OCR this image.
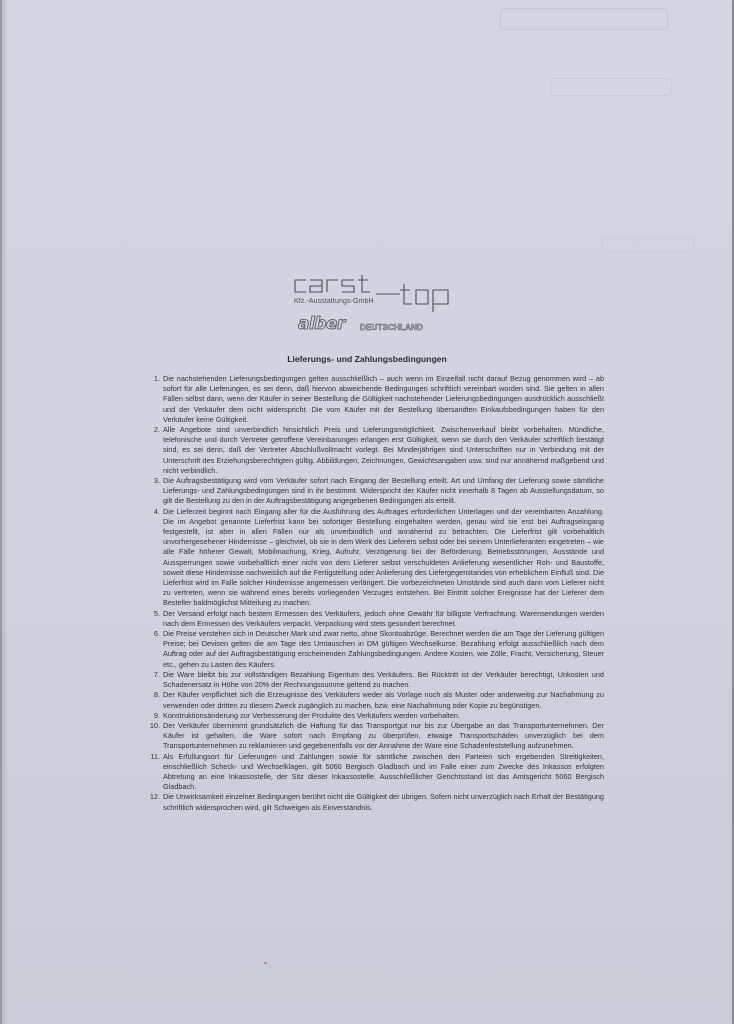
Kfz.-Ausstattungs-GmbH
alber DEUTSCHLAND
Lieferungs- und Zahlungsbedingungen
1. Die nachstehenden Lieferungsbedingungen gelten ausschließlich – auch wenn im Einzelfall nicht darauf Bezug genommen wird – ab sofort für alle Lieferungen, es sei denn, daß hiervon abweichende Bedingungen schriftlich vereinbart worden sind. Sie gelten in allen Fällen selbst dann, wenn der Käufer in seiner Bestellung die Gültigkeit nachstehender Lieferungsbedingungen ausdrücklich ausschließt und der Verkäufer dem nicht widerspricht. Die vom Käufer mit der Bestellung übersandten Einkaufsbedingungen haben für den Verkäufer keine Gültigkeit.
2. Alle Angebote sind unverbindlich hinsichtlich Preis und Lieferungsmöglichkeit. Zwischenverkauf bleibt vorbehalten. Mündliche, telefonische und durch Vertreter getroffene Vereinbarungen erlangen erst Gültigkeit, wenn sie durch den Verkäufer schriftlich bestätigt sind, es sei denn, daß der Vertreter Abschlußvollmacht vorlegt. Bei Minderjährigen sind Unterschriften nur in Verbindung mit der Unterschrift des Erziehungsberechtigten gültig. Abbildungen, Zeichnungen, Gewichtsangaben usw. sind nur annähernd maßgebend und nicht verbindlich.
3. Die Auftragsbestätigung wird vom Verkäufer sofort nach Eingang der Bestellung erteilt. Art und Umfang der Lieferung sowie sämtliche Lieferungs- und Zahlungsbedingungen sind in ihr bestimmt. Widerspricht der Käufer nicht innerhalb 8 Tagen ab Ausstellungsdatum, so gilt die Bestellung zu den in der Auftragsbestätigung angegebenen Bedingungen als erteilt.
4. Die Lieferzeit beginnt nach Eingang aller für die Ausführung des Auftrages erforderlichen Unterlagen und der vereinbarten Anzahlung. Die im Angebot genannte Lieferfrist kann bei sofortiger Bestellung eingehalten werden, genau wird sie erst bei Auftragseingang festgestellt, ist aber in allen Fällen nur als unverbindlich und annähernd zu betrachten. Die Lieferfrist gilt vorbehaltlich unvorhergesehener Hindernisse – gleichviel, ob sie in dem Werk des Lieferers selbst oder bei seinem Unterlieferanten eingetreten – wie alle Fälle höherer Gewalt, Mobilmachung, Krieg, Aufruhr, Verzögerung bei der Beförderung, Betriebsstörungen, Ausstände und Aussperrungen sowie vorbehaltlich einer nicht von dem Lieferer selbst verschuldeten Anlieferung wesentlicher Roh- und Baustoffe, soweit diese Hindernisse nachweislich auf die Fertigstellung oder Anlieferung des Liefergegenstandes von erheblichem Einfluß sind. Die Lieferfrist wird im Falle solcher Hindernisse angemessen verlängert. Die vorbezeichneten Umstände sind auch dann vom Lieferer nicht zu vertreten, wenn sie während eines bereits vorliegenden Verzuges entstehen. Bei Eintritt solcher Ereignisse hat der Lieferer dem Besteller baldmöglichst Mitteilung zu machen.
5. Der Versand erfolgt nach bestem Ermessen des Verkäufers, jedoch ohne Gewähr für billigste Verfrachtung. Warensendungen werden nach dem Ermessen des Verkäufers verpackt. Verpackung wird stets gesondert berechnet.
6. Die Preise verstehen sich in Deutscher Mark und zwar netto, ohne Skontoabzüge. Berechnet werden die am Tage der Lieferung gültigen Preise; bei Devisen gelten die am Tage des Umtauschen in DM gültigen Wechselkurse. Bezahlung erfolgt ausschließlich nach dem Auftrag oder auf der Auftragsbestätigung erscheinenden Zahlungsbedingungen. Andere Kosten, wie Zölle, Fracht, Versicherung, Steuer etc., gehen zu Lasten des Käufers.
7. Die Ware bleibt bis zur vollständigen Bezahlung Eigentum des Verkäufers. Bei Rücktritt ist der Verkäufer berechtigt, Unkosten und Schadenersatz in Höhe von 20% der Rechnungssumme geltend zu machen.
8. Der Käufer verpflichtet sich die Erzeugnisse des Verkäufers weder als Vorlage noch als Muster oder anderweitig zur Nachahmung zu verwenden oder dritten zu diesem Zweck zugänglich zu machen, bzw. eine Nachahmung oder Kopie zu begünstigen.
9. Konstruktionsänderung zur Verbesserung der Produkte des Verkäufers werden vorbehalten.
10. Der Verkäufer übernimmt grundsätzlich die Haftung für das Transportgut nur bis zur Übergabe an das Transportunternehmen. Der Käufer ist gehalten, die Ware sofort nach Empfang zu überprüfen, etwaige Transportschäden unverzüglich bei dem Transportunternehmen zu reklamieren und gegebenenfalls vor der Annahme der Ware eine Schadenfeststellung aufzunehmen.
11. Als Erfüllungsort für Lieferungen und Zahlungen sowie für sämtliche zwischen den Parteien sich ergebenden Streitigkeiten, einschließlich Scheck- und Wechselklagen, gilt 5060 Bergisch Gladbach und im Falle einer zum Zwecke des Inkassos erfolgten Abtretung an eine Inkassostelle, der Sitz dieser Inkassostelle. Ausschließlicher Gerichtsstand ist das Amtsgericht 5060 Bergisch Gladbach.
12. Die Unwirksamkeit einzelner Bedingungen berührt nicht die Gültigkeit der übrigen. Sofern nicht unverzüglich nach Erhalt der Bestätigung schriftlich widersprochen wird, gilt Schweigen als Einverständnis.
